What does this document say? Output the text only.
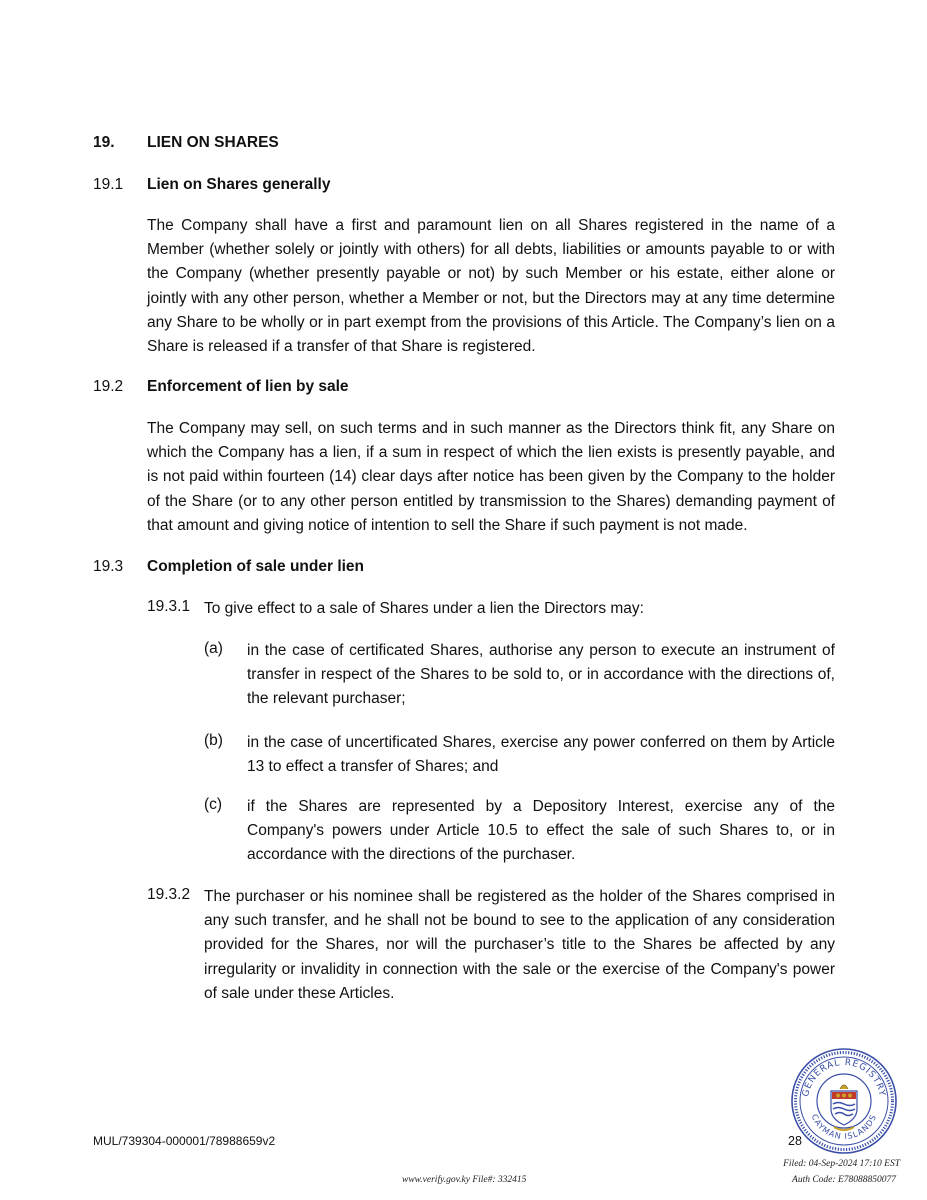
19. LIEN ON SHARES
19.1 Lien on Shares generally
The Company shall have a first and paramount lien on all Shares registered in the name of a Member (whether solely or jointly with others) for all debts, liabilities or amounts payable to or with the Company (whether presently payable or not) by such Member or his estate, either alone or jointly with any other person, whether a Member or not, but the Directors may at any time determine any Share to be wholly or in part exempt from the provisions of this Article. The Company’s lien on a Share is released if a transfer of that Share is registered.
19.2 Enforcement of lien by sale
The Company may sell, on such terms and in such manner as the Directors think fit, any Share on which the Company has a lien, if a sum in respect of which the lien exists is presently payable, and is not paid within fourteen (14) clear days after notice has been given by the Company to the holder of the Share (or to any other person entitled by transmission to the Shares) demanding payment of that amount and giving notice of intention to sell the Share if such payment is not made.
19.3 Completion of sale under lien
19.3.1 To give effect to a sale of Shares under a lien the Directors may:
(a) in the case of certificated Shares, authorise any person to execute an instrument of transfer in respect of the Shares to be sold to, or in accordance with the directions of, the relevant purchaser;
(b) in the case of uncertificated Shares, exercise any power conferred on them by Article 13 to effect a transfer of Shares; and
(c) if the Shares are represented by a Depository Interest, exercise any of the Company's powers under Article 10.5 to effect the sale of such Shares to, or in accordance with the directions of the purchaser.
19.3.2 The purchaser or his nominee shall be registered as the holder of the Shares comprised in any such transfer, and he shall not be bound to see to the application of any consideration provided for the Shares, nor will the purchaser’s title to the Shares be affected by any irregularity or invalidity in connection with the sale or the exercise of the Company's power of sale under these Articles.
MUL/739304-000001/78988659v2	28
www.verify.gov.ky File#: 332415
GENERAL REGISTRY
CAYMAN ISLANDS
Filed: 04-Sep-2024 17:10 EST
Auth Code: E78088850077
